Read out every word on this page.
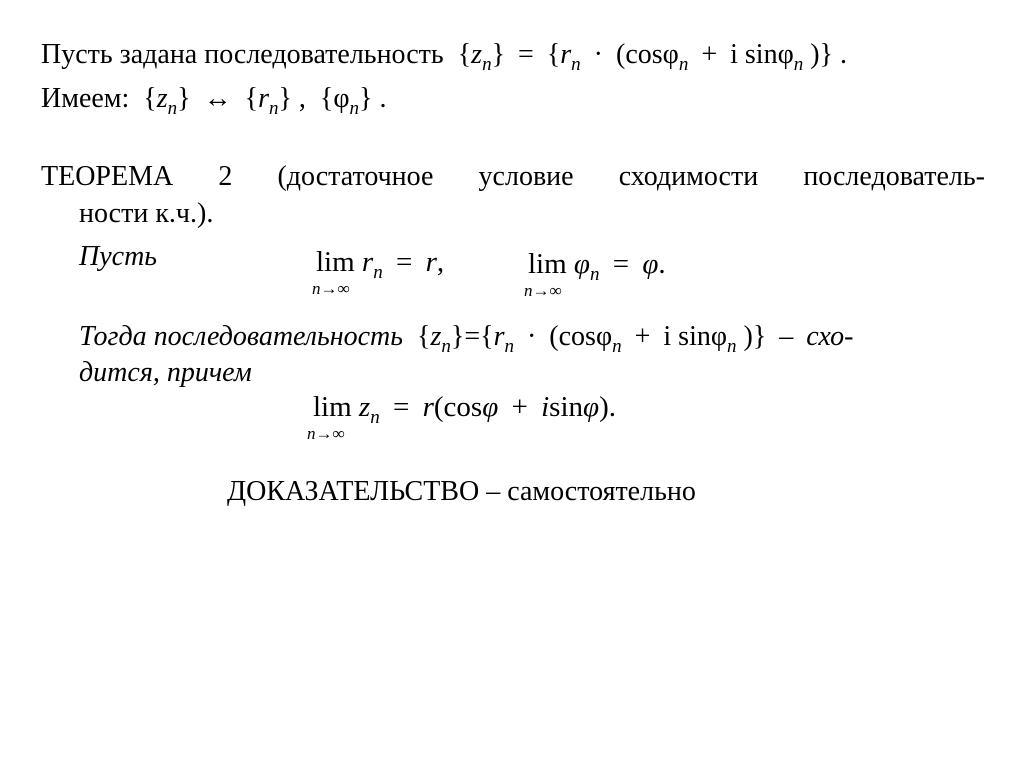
Пусть задана последовательность $\{z_n\} = \{r_n \cdot (\cos\varphi_n + i$ sinφ$_n$ )} .
Имеем: $\{z_n\}$ ↔ $\{r_n\}$ , $\{\varphi_n\}$ .
ТЕОРЕМА 2 (достаточное условие сходимости последователь-
ности к.ч.).
Пусть	$\lim r_n = r$,
n→∞
$\lim \varphi_n = \varphi$.
n→∞
Тогда последовательность $\{z_n\}=\{r_n \cdot (\cos\varphi_n + i$ sinφ$_n$ )} – схо-
дится, причем
$\lim z_n = r(\cos\varphi + isin\varphi)$.
n→∞
ДОКАЗАТЕЛЬСТВО – самостоятельно
